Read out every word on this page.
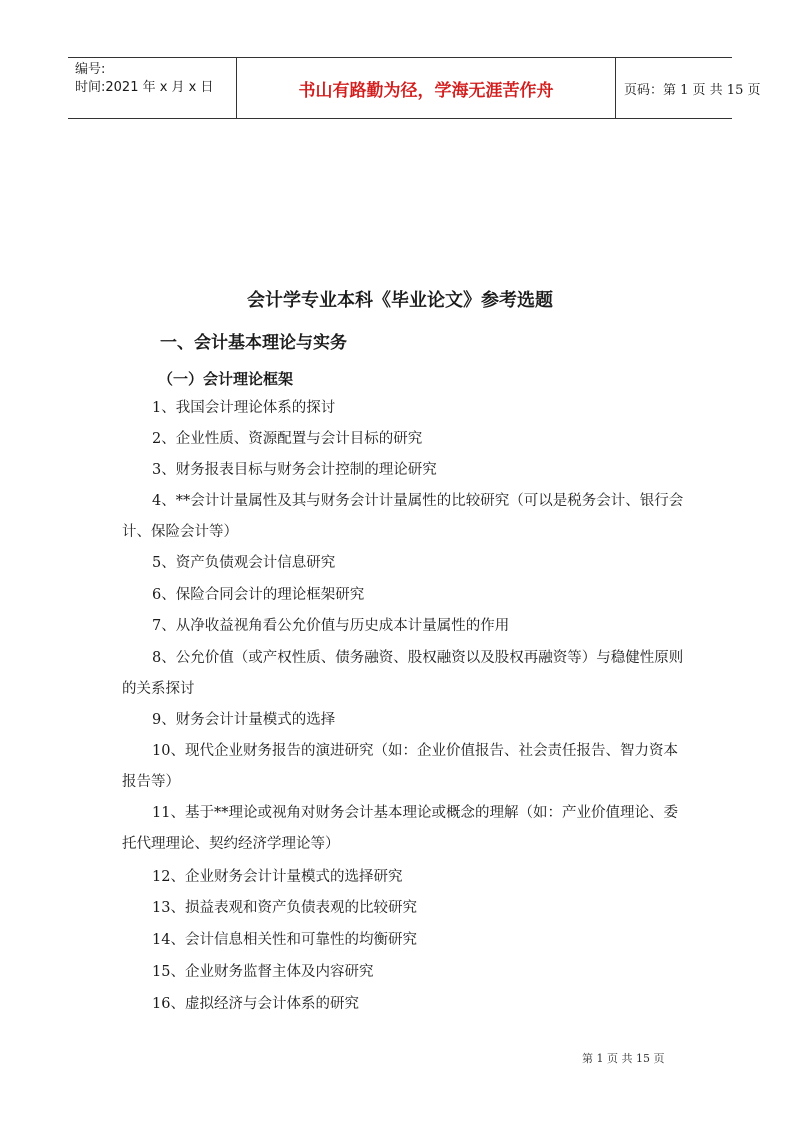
编号:
时间:2021 年 x 月 x 日	书山有路勤为径，学海无涯苦作舟	页码：第 1 页 共 15 页
会计学专业本科《毕业论文》参考选题
一、会计基本理论与实务
（一）会计理论框架
1、我国会计理论体系的探讨
2、企业性质、资源配置与会计目标的研究
3、财务报表目标与财务会计控制的理论研究
4、**会计计量属性及其与财务会计计量属性的比较研究（可以是税务会计、银行会计、保险会计等）
5、资产负债观会计信息研究
6、保险合同会计的理论框架研究
7、从净收益视角看公允价值与历史成本计量属性的作用
8、公允价值（或产权性质、债务融资、股权融资以及股权再融资等）与稳健性原则的关系探讨
9、财务会计计量模式的选择
10、现代企业财务报告的演进研究（如：企业价值报告、社会责任报告、智力资本报告等）
11、基于**理论或视角对财务会计基本理论或概念的理解（如：产业价值理论、委托代理理论、契约经济学理论等）
12、企业财务会计计量模式的选择研究
13、损益表观和资产负债表观的比较研究
14、会计信息相关性和可靠性的均衡研究
15、企业财务监督主体及内容研究
16、虚拟经济与会计体系的研究
第 1 页 共 15 页
